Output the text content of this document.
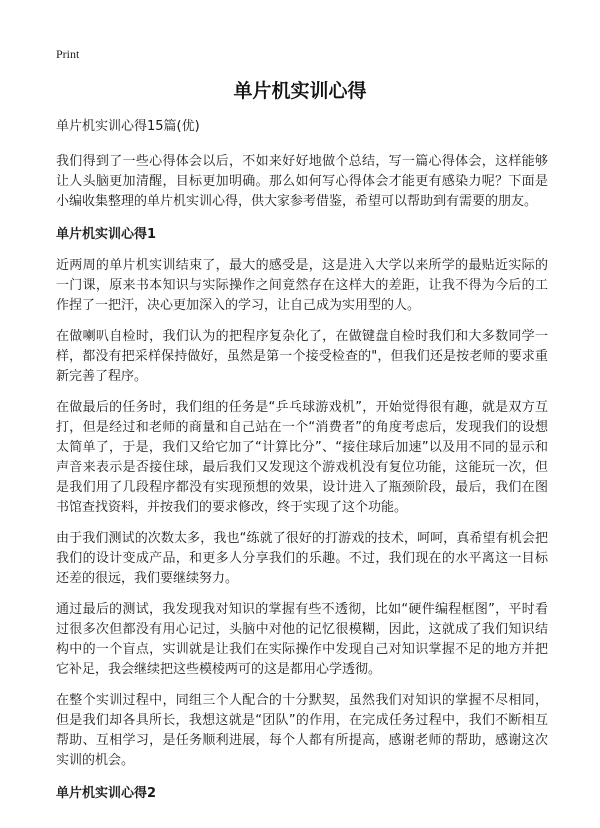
Print
单片机实训心得
单片机实训心得15篇(优)

我们得到了一些心得体会以后，不如来好好地做个总结，写一篇心得体会，这样能够让人头脑更加清醒，目标更加明确。那么如何写心得体会才能更有感染力呢？下面是小编收集整理的单片机实训心得，供大家参考借鉴，希望可以帮助到有需要的朋友。

单片机实训心得1

近两周的单片机实训结束了，最大的感受是，这是进入大学以来所学的最贴近实际的一门课，原来书本知识与实际操作之间竟然存在这样大的差距，让我不得为今后的工作捏了一把汗，决心更加深入的学习，让自己成为实用型的人。

在做喇叭自检时，我们认为的把程序复杂化了，在做键盘自检时我们和大多数同学一样，都没有把采样保持做好，虽然是第一个接受检查的"，但我们还是按老师的要求重新完善了程序。

在做最后的任务时，我们组的任务是“乒乓球游戏机”，开始觉得很有趣，就是双方互打，但是经过和老师的商量和自己站在一个“消费者”的角度考虑后，发现我们的设想太简单了，于是，我们又给它加了“计算比分”、“接住球后加速”以及用不同的显示和声音来表示是否接住球，最后我们又发现这个游戏机没有复位功能，这能玩一次，但是我们用了几段程序都没有实现预想的效果，设计进入了瓶颈阶段，最后，我们在图书馆查找资料，并按我们的要求修改，终于实现了这个功能。

由于我们测试的次数太多，我也“练就了很好的打游戏的技术，呵呵，真希望有机会把我们的设计变成产品，和更多人分享我们的乐趣。不过，我们现在的水平离这一目标还差的很远，我们要继续努力。

通过最后的测试，我发现我对知识的掌握有些不透彻，比如“硬件编程框图”，平时看过很多次但都没有用心记过，头脑中对他的记忆很模糊，因此，这就成了我们知识结构中的一个盲点，实训就是让我们在实际操作中发现自己对知识掌握不足的地方并把它补足，我会继续把这些模棱两可的这是都用心学透彻。

在整个实训过程中，同组三个人配合的十分默契，虽然我们对知识的掌握不尽相同，但是我们却各具所长，我想这就是“团队”的作用，在完成任务过程中，我们不断相互帮助、互相学习，是任务顺利进展，每个人都有所提高，感谢老师的帮助，感谢这次实训的机会。

单片机实训心得2
